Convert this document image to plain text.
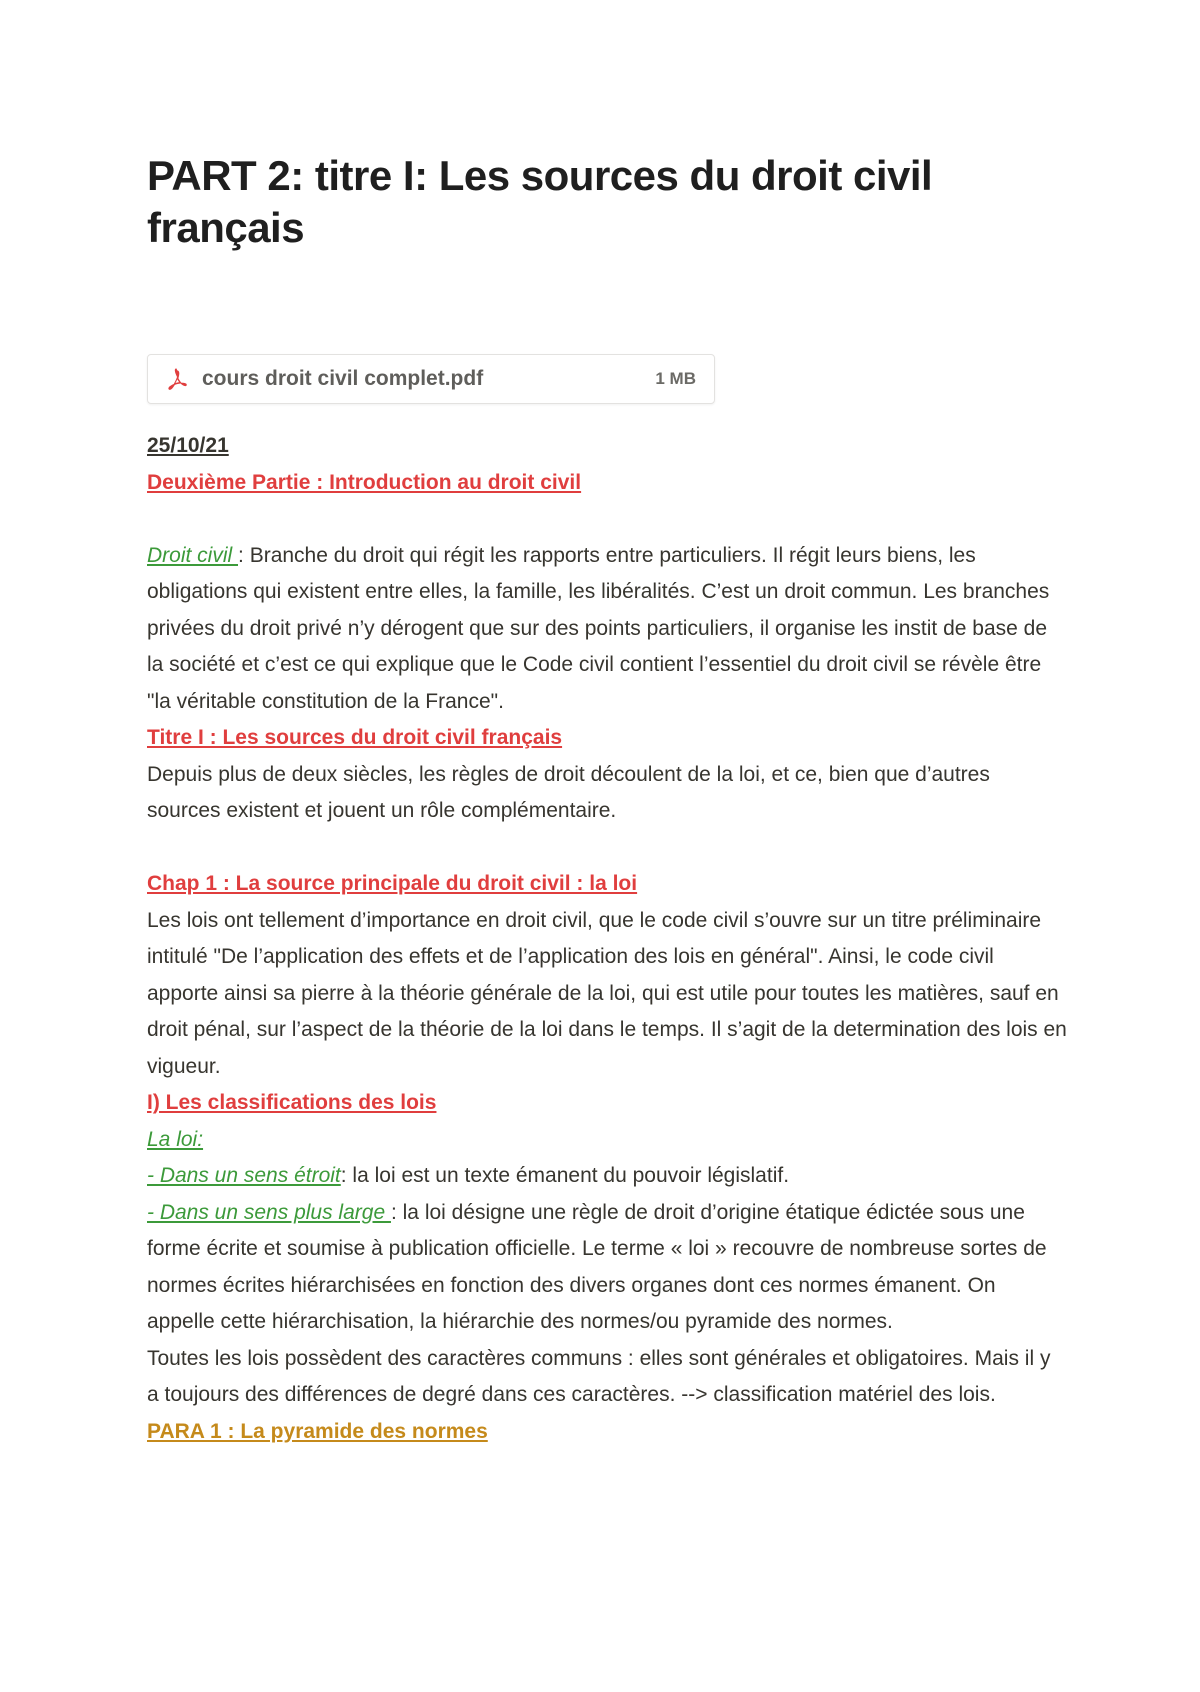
PART 2: titre I: Les sources du droit civil français
cours droit civil complet.pdf	1 MB

25/10/21

Deuxième Partie : Introduction au droit civil

Droit civil : Branche du droit qui régit les rapports entre particuliers. Il régit leurs biens, les obligations qui existent entre elles, la famille, les libéralités. C’est un droit commun. Les branches privées du droit privé n’y dérogent que sur des points particuliers, il organise les instit de base de la société et c’est ce qui explique que le Code civil contient l’essentiel du droit civil se révèle être "la véritable constitution de la France".

Titre I : Les sources du droit civil français

Depuis plus de deux siècles, les règles de droit découlent de la loi, et ce, bien que d’autres sources existent et jouent un rôle complémentaire.

Chap 1 : La source principale du droit civil : la loi

Les lois ont tellement d’importance en droit civil, que le code civil s’ouvre sur un titre préliminaire intitulé "De l’application des effets et de l’application des lois en général". Ainsi, le code civil apporte ainsi sa pierre à la théorie générale de la loi, qui est utile pour toutes les matières, sauf en droit pénal, sur l’aspect de la théorie de la loi dans le temps. Il s’agit de la determination des lois en vigueur.

I) Les classifications des lois

La loi:

- Dans un sens étroit: la loi est un texte émanent du pouvoir législatif.

- Dans un sens plus large : la loi désigne une règle de droit d’origine étatique édictée sous une forme écrite et soumise à publication officielle. Le terme « loi » recouvre de nombreuse sortes de normes écrites hiérarchisées en fonction des divers organes dont ces normes émanent. On appelle cette hiérarchisation, la hiérarchie des normes/ou pyramide des normes.

Toutes les lois possèdent des caractères communs : elles sont générales et obligatoires. Mais il y a toujours des différences de degré dans ces caractères. --> classification matériel des lois.

PARA 1 : La pyramide des normes
